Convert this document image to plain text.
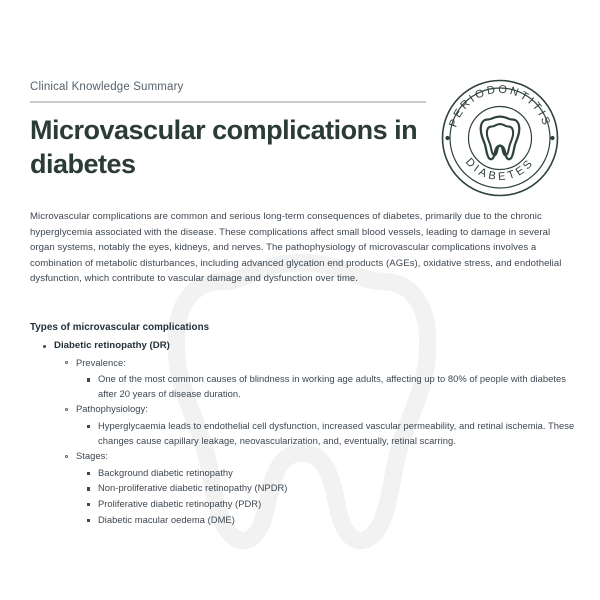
Clinical Knowledge Summary
Microvascular complications in diabetes
PERIODONTITIS
DIABETES

Microvascular complications are common and serious long-term consequences of diabetes, primarily due to the chronic hyperglycemia associated with the disease. These complications affect small blood vessels, leading to damage in several organ systems, notably the eyes, kidneys, and nerves. The pathophysiology of microvascular complications involves a combination of metabolic disturbances, including advanced glycation end products (AGEs), oxidative stress, and endothelial dysfunction, which contribute to vascular damage and dysfunction over time.

Types of microvascular complications
Diabetic retinopathy (DR)
Prevalence:
One of the most common causes of blindness in working age adults, affecting up to 80% of people with diabetes after 20 years of disease duration.
Pathophysiology:
Hyperglycaemia leads to endothelial cell dysfunction, increased vascular permeability, and retinal ischemia. These changes cause capillary leakage, neovascularization, and, eventually, retinal scarring.
Stages:
Background diabetic retinopathy
Non-proliferative diabetic retinopathy (NPDR)
Proliferative diabetic retinopathy (PDR)
Diabetic macular oedema (DME)
